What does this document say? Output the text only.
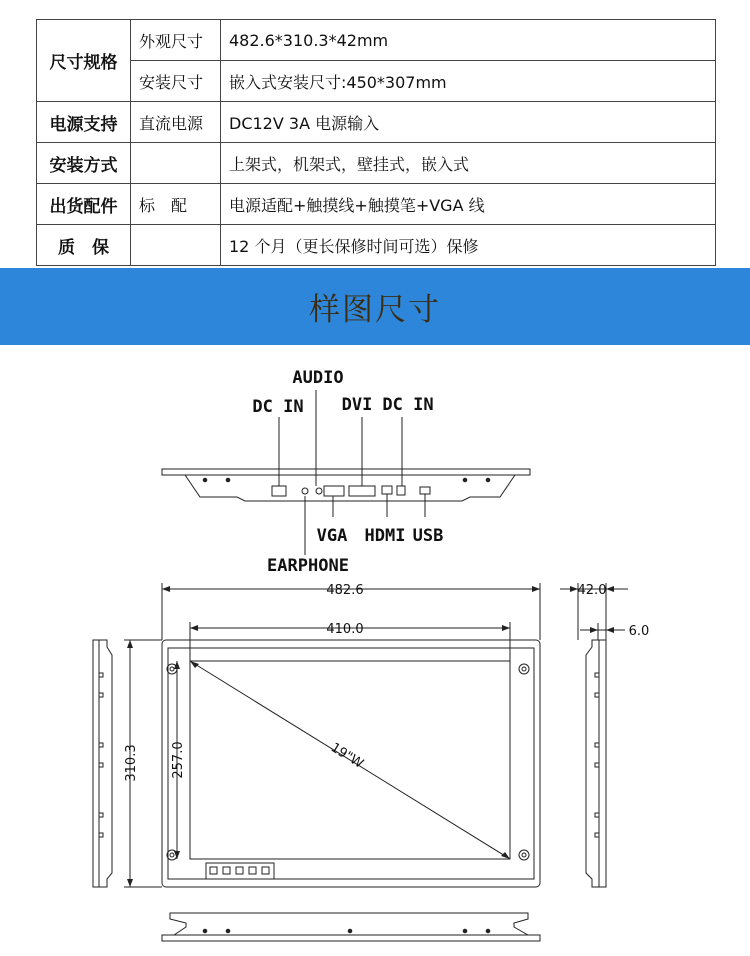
尺寸规格	外观尺寸	482.6*310.3*42mm
	安装尺寸	嵌入式安装尺寸:450*307mm
电源支持	直流电源	DC12V 3A 电源输入
安装方式		上架式，机架式，壁挂式，嵌入式
出货配件	标　配	电源适配+触摸线+触摸笔+VGA 线
质　保		12 个月（更长保修时间可选）保修
样图尺寸
AUDIO
DC IN DVI DC IN
VGA HDMI USB
EARPHONE
482.6
410.0
310.3 257.0	19"W
42.0
6.0
